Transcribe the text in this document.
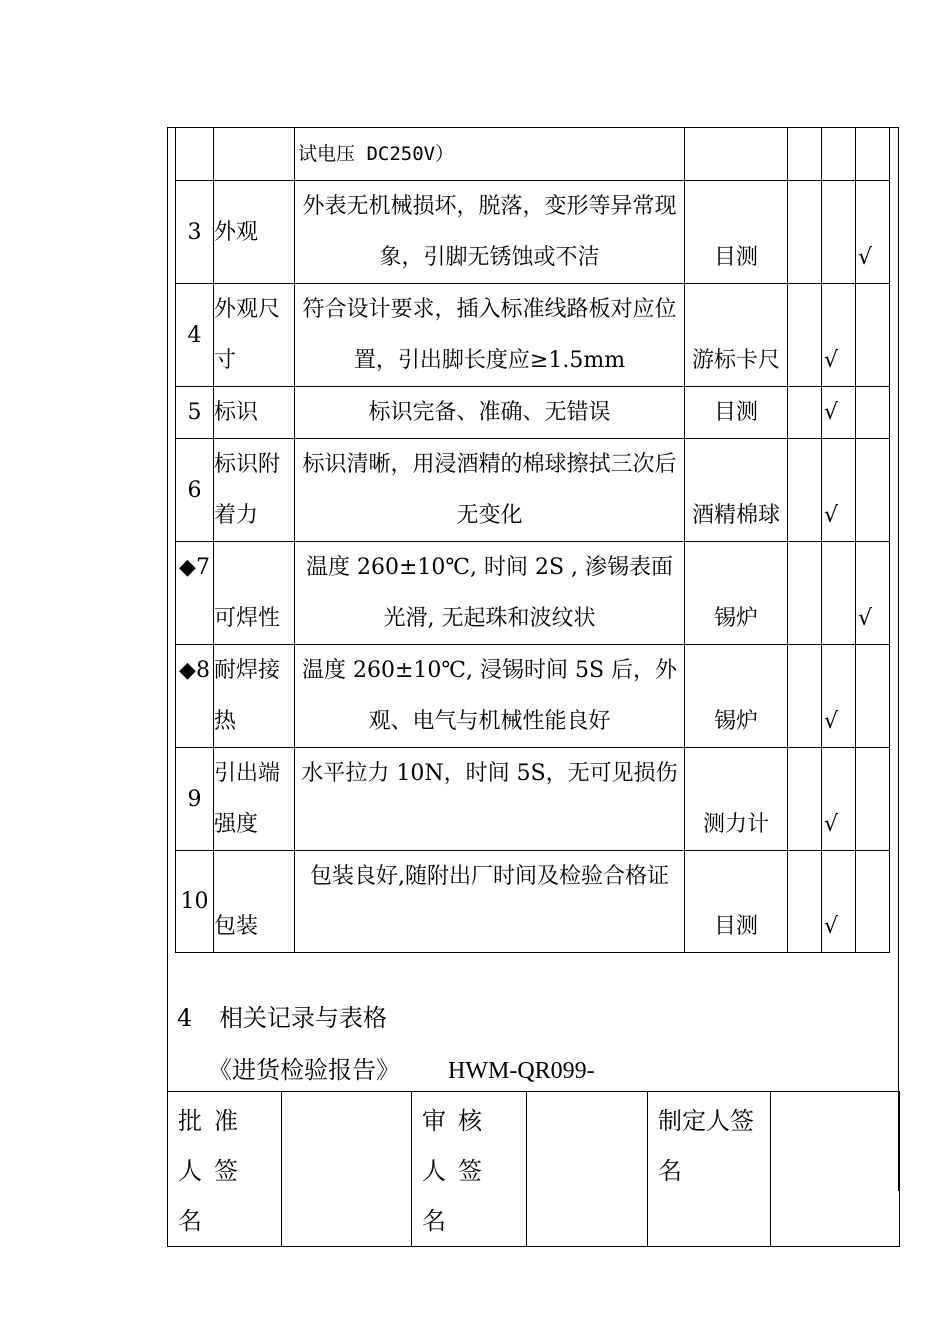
		试电压 DC250V）				
3	外观	外表无机械损坏，脱落，变形等异常现象，引脚无锈蚀或不洁	目测			√
4	外观尺寸	符合设计要求，插入标准线路板对应位置，引出脚长度应≥1.5mm	游标卡尺		√	
5	标识	标识完备、准确、无错误	目测		√	
6	标识附着力	标识清晰，用浸酒精的棉球擦拭三次后无变化	酒精棉球		√	
◆7	可焊性	温度 260±10℃, 时间 2S , 渗锡表面光滑, 无起珠和波纹状	锡炉			√
◆8	耐焊接热	温度 260±10℃, 浸锡时间 5S 后，外观、电气与机械性能良好	锡炉		√	
9	引出端强度	水平拉力 10N，时间 5S，无可见损伤	测力计		√	
10	包装	包装良好,随附出厂时间及检验合格证	目测		√	
4 相关记录与表格
《进货检验报告》 HWM-QR099-
批准人签名		审核人签名		制定人签名	
